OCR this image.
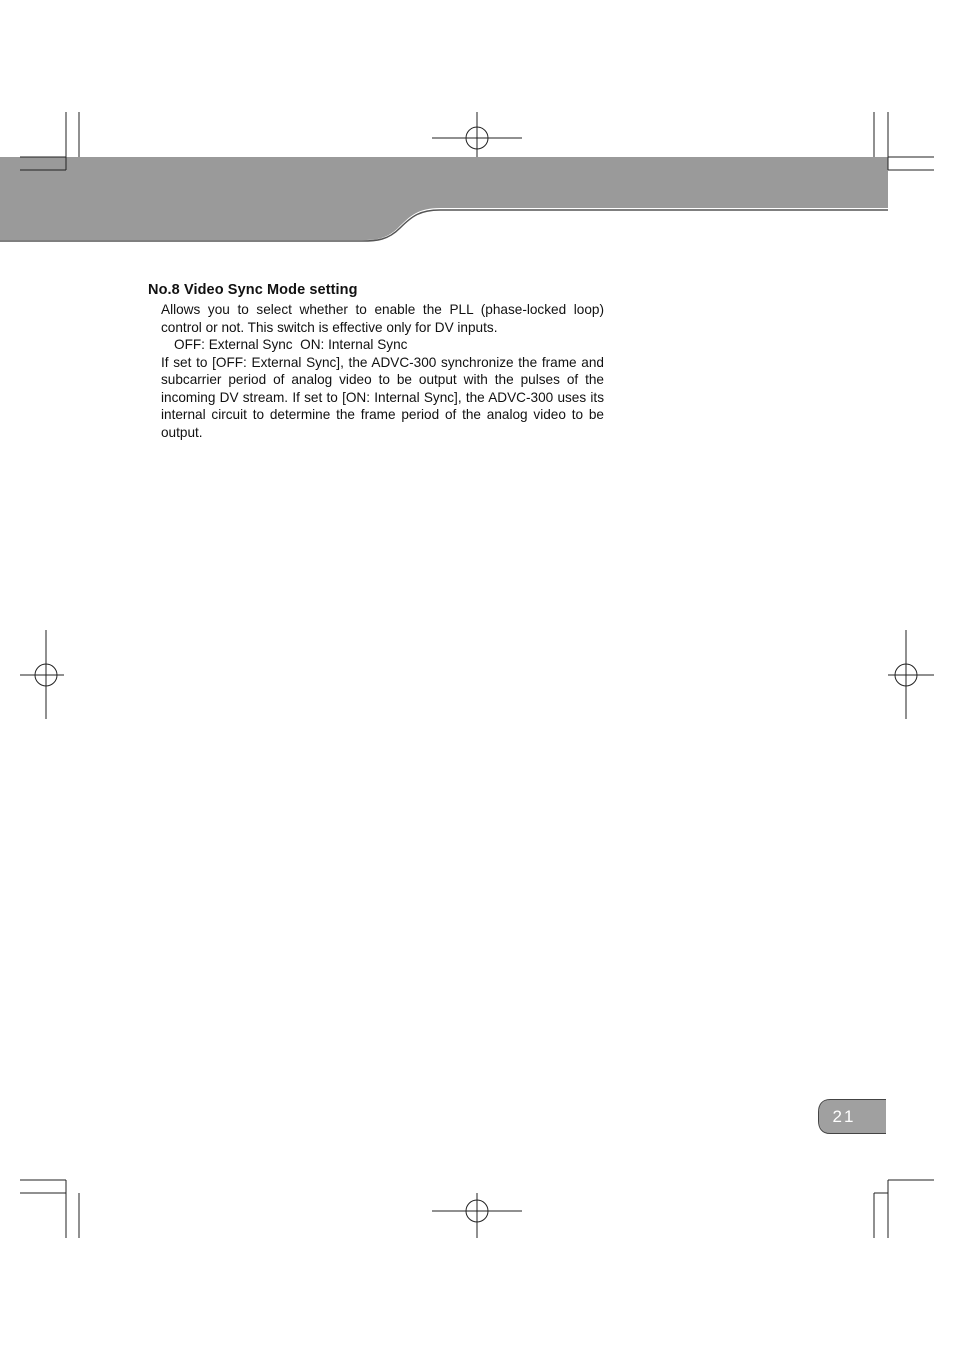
No.8 Video Sync Mode setting

Allows you to select whether to enable the PLL (phase-locked loop) control or not. This switch is effective only for DV inputs.

OFF: External Sync  ON: Internal Sync

If set to [OFF: External Sync], the ADVC-300 synchronize the frame and subcarrier period of analog video to be output with the pulses of the incoming DV stream. If set to [ON: Internal Sync], the ADVC-300 uses its internal circuit to determine the frame period of the analog video to be output.

21
